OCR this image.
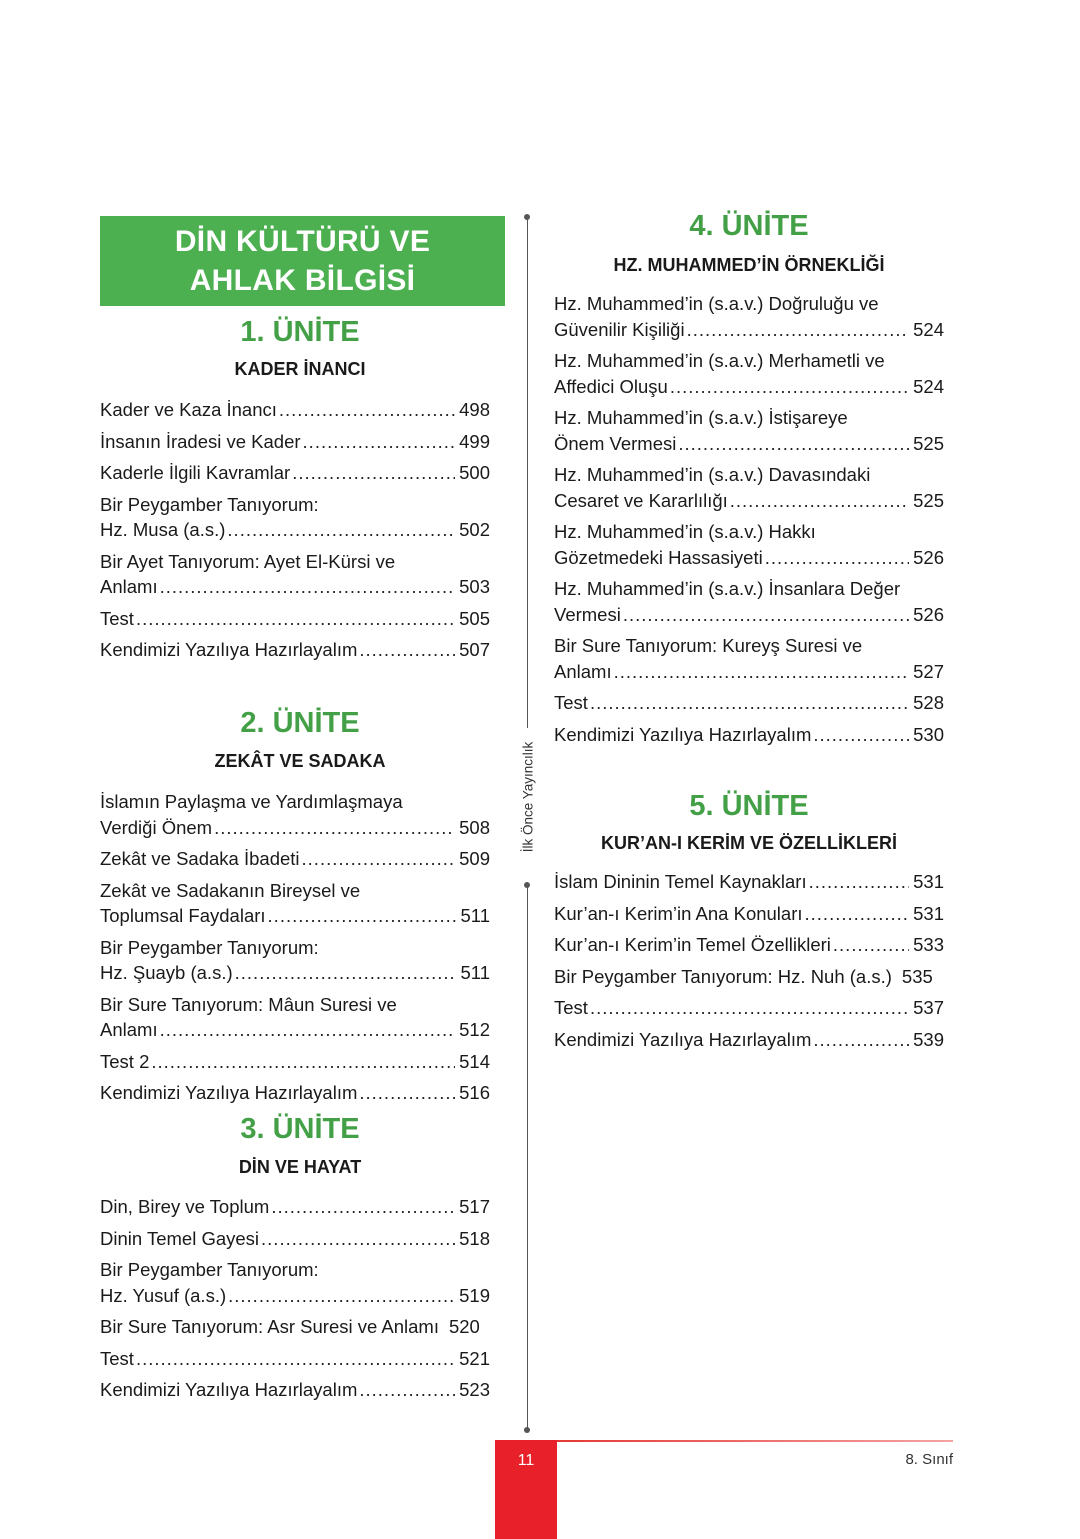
DİN KÜLTÜRÜ VE
AHLAK BİLGİSİ
İlk Önce Yayıncılık
1. ÜNİTE
KADER İNANCI
Kader ve Kaza İnancı .....	498
İnsanın İradesi ve Kader .....	499
Kaderle İlgili Kavramlar .....	500
Bir Peygamber Tanıyorum:
Hz. Musa (a.s.) .....	502
Bir Ayet Tanıyorum: Ayet El-Kürsi ve
Anlamı .....	503
Test .....	505
Kendimizi Yazılıya Hazırlayalım .....	507
2. ÜNİTE
ZEKÂT VE SADAKA
İslamın Paylaşma ve Yardımlaşmaya
Verdiği Önem .....	508
Zekât ve Sadaka İbadeti .....	509
Zekât ve Sadakanın Bireysel ve
Toplumsal Faydaları .....	511
Bir Peygamber Tanıyorum:
Hz. Şuayb (a.s.) .....	511
Bir Sure Tanıyorum: Mâun Suresi ve
Anlamı .....	512
Test 2 .....	514
Kendimizi Yazılıya Hazırlayalım .....	516
3. ÜNİTE
DİN VE HAYAT
Din, Birey ve Toplum .....	517
Dinin Temel Gayesi .....	518
Bir Peygamber Tanıyorum:
Hz. Yusuf (a.s.) .....	519
Bir Sure Tanıyorum: Asr Suresi ve Anlamı 520
Test .....	521
Kendimizi Yazılıya Hazırlayalım .....	523
4. ÜNİTE
HZ. MUHAMMED’İN ÖRNEKLİĞİ
Hz. Muhammed’in (s.a.v.) Doğruluğu ve
Güvenilir Kişiliği .....	524
Hz. Muhammed’in (s.a.v.) Merhametli ve
Affedici Oluşu .....	524
Hz. Muhammed’in (s.a.v.) İstişareye
Önem Vermesi .....	525
Hz. Muhammed’in (s.a.v.) Davasındaki
Cesaret ve Kararlılığı .....	525
Hz. Muhammed’in (s.a.v.) Hakkı
Gözetmedeki Hassasiyeti .....	526
Hz. Muhammed’in (s.a.v.) İnsanlara Değer
Vermesi .....	526
Bir Sure Tanıyorum: Kureyş Suresi ve
Anlamı .....	527
Test .....	528
Kendimizi Yazılıya Hazırlayalım .....	530
5. ÜNİTE
KUR’AN-I KERİM VE ÖZELLİKLERİ
İslam Dininin Temel Kaynakları .....	531
Kur’an-ı Kerim’in Ana Konuları .....	531
Kur’an-ı Kerim’in Temel Özellikleri .....	533
Bir Peygamber Tanıyorum: Hz. Nuh (a.s.) 535
Test .....	537
Kendimizi Yazılıya Hazırlayalım .....	539
11	8. Sınıf
